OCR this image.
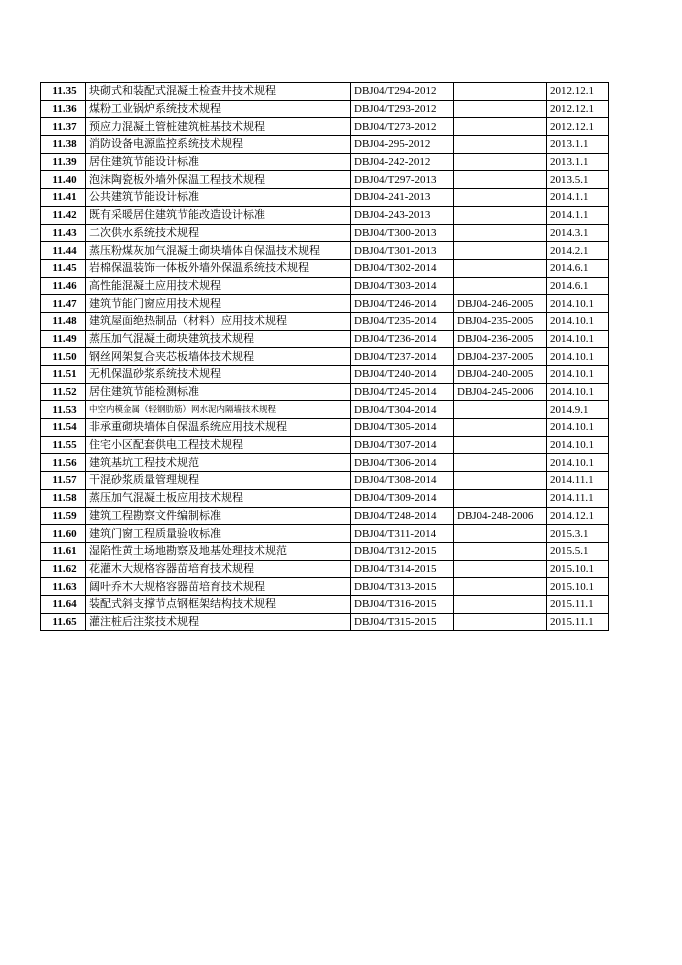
11.35	块砌式和装配式混凝土检查井技术规程	DBJ04/T294-2012		2012.12.1
11.36	煤粉工业锅炉系统技术规程	DBJ04/T293-2012		2012.12.1
11.37	预应力混凝土管桩建筑桩基技术规程	DBJ04/T273-2012		2012.12.1
11.38	消防设备电源监控系统技术规程	DBJ04-295-2012		2013.1.1
11.39	居住建筑节能设计标准	DBJ04-242-2012		2013.1.1
11.40	泡沫陶瓷板外墙外保温工程技术规程	DBJ04/T297-2013		2013.5.1
11.41	公共建筑节能设计标准	DBJ04-241-2013		2014.1.1
11.42	既有采暖居住建筑节能改造设计标准	DBJ04-243-2013		2014.1.1
11.43	二次供水系统技术规程	DBJ04/T300-2013		2014.3.1
11.44	蒸压粉煤灰加气混凝土砌块墙体自保温技术规程	DBJ04/T301-2013		2014.2.1
11.45	岩棉保温装饰一体板外墙外保温系统技术规程	DBJ04/T302-2014		2014.6.1
11.46	高性能混凝土应用技术规程	DBJ04/T303-2014		2014.6.1
11.47	建筑节能门窗应用技术规程	DBJ04/T246-2014	DBJ04-246-2005	2014.10.1
11.48	建筑屋面绝热制品（材料）应用技术规程	DBJ04/T235-2014	DBJ04-235-2005	2014.10.1
11.49	蒸压加气混凝土砌块建筑技术规程	DBJ04/T236-2014	DBJ04-236-2005	2014.10.1
11.50	钢丝网架复合夹芯板墙体技术规程	DBJ04/T237-2014	DBJ04-237-2005	2014.10.1
11.51	无机保温砂浆系统技术规程	DBJ04/T240-2014	DBJ04-240-2005	2014.10.1
11.52	居住建筑节能检测标准	DBJ04/T245-2014	DBJ04-245-2006	2014.10.1
11.53	中空内模金属（轻钢肋筋）网水泥内隔墙技术规程	DBJ04/T304-2014		2014.9.1
11.54	非承重砌块墙体自保温系统应用技术规程	DBJ04/T305-2014		2014.10.1
11.55	住宅小区配套供电工程技术规程	DBJ04/T307-2014		2014.10.1
11.56	建筑基坑工程技术规范	DBJ04/T306-2014		2014.10.1
11.57	干混砂浆质量管理规程	DBJ04/T308-2014		2014.11.1
11.58	蒸压加气混凝土板应用技术规程	DBJ04/T309-2014		2014.11.1
11.59	建筑工程勘察文件编制标准	DBJ04/T248-2014	DBJ04-248-2006	2014.12.1
11.60	建筑门窗工程质量验收标准	DBJ04/T311-2014		2015.3.1
11.61	湿陷性黄土场地勘察及地基处理技术规范	DBJ04/T312-2015		2015.5.1
11.62	花灌木大规格容器苗培育技术规程	DBJ04/T314-2015		2015.10.1
11.63	阔叶乔木大规格容器苗培育技术规程	DBJ04/T313-2015		2015.10.1
11.64	装配式斜支撑节点钢框架结构技术规程	DBJ04/T316-2015		2015.11.1
11.65	灌注桩后注浆技术规程	DBJ04/T315-2015		2015.11.1
